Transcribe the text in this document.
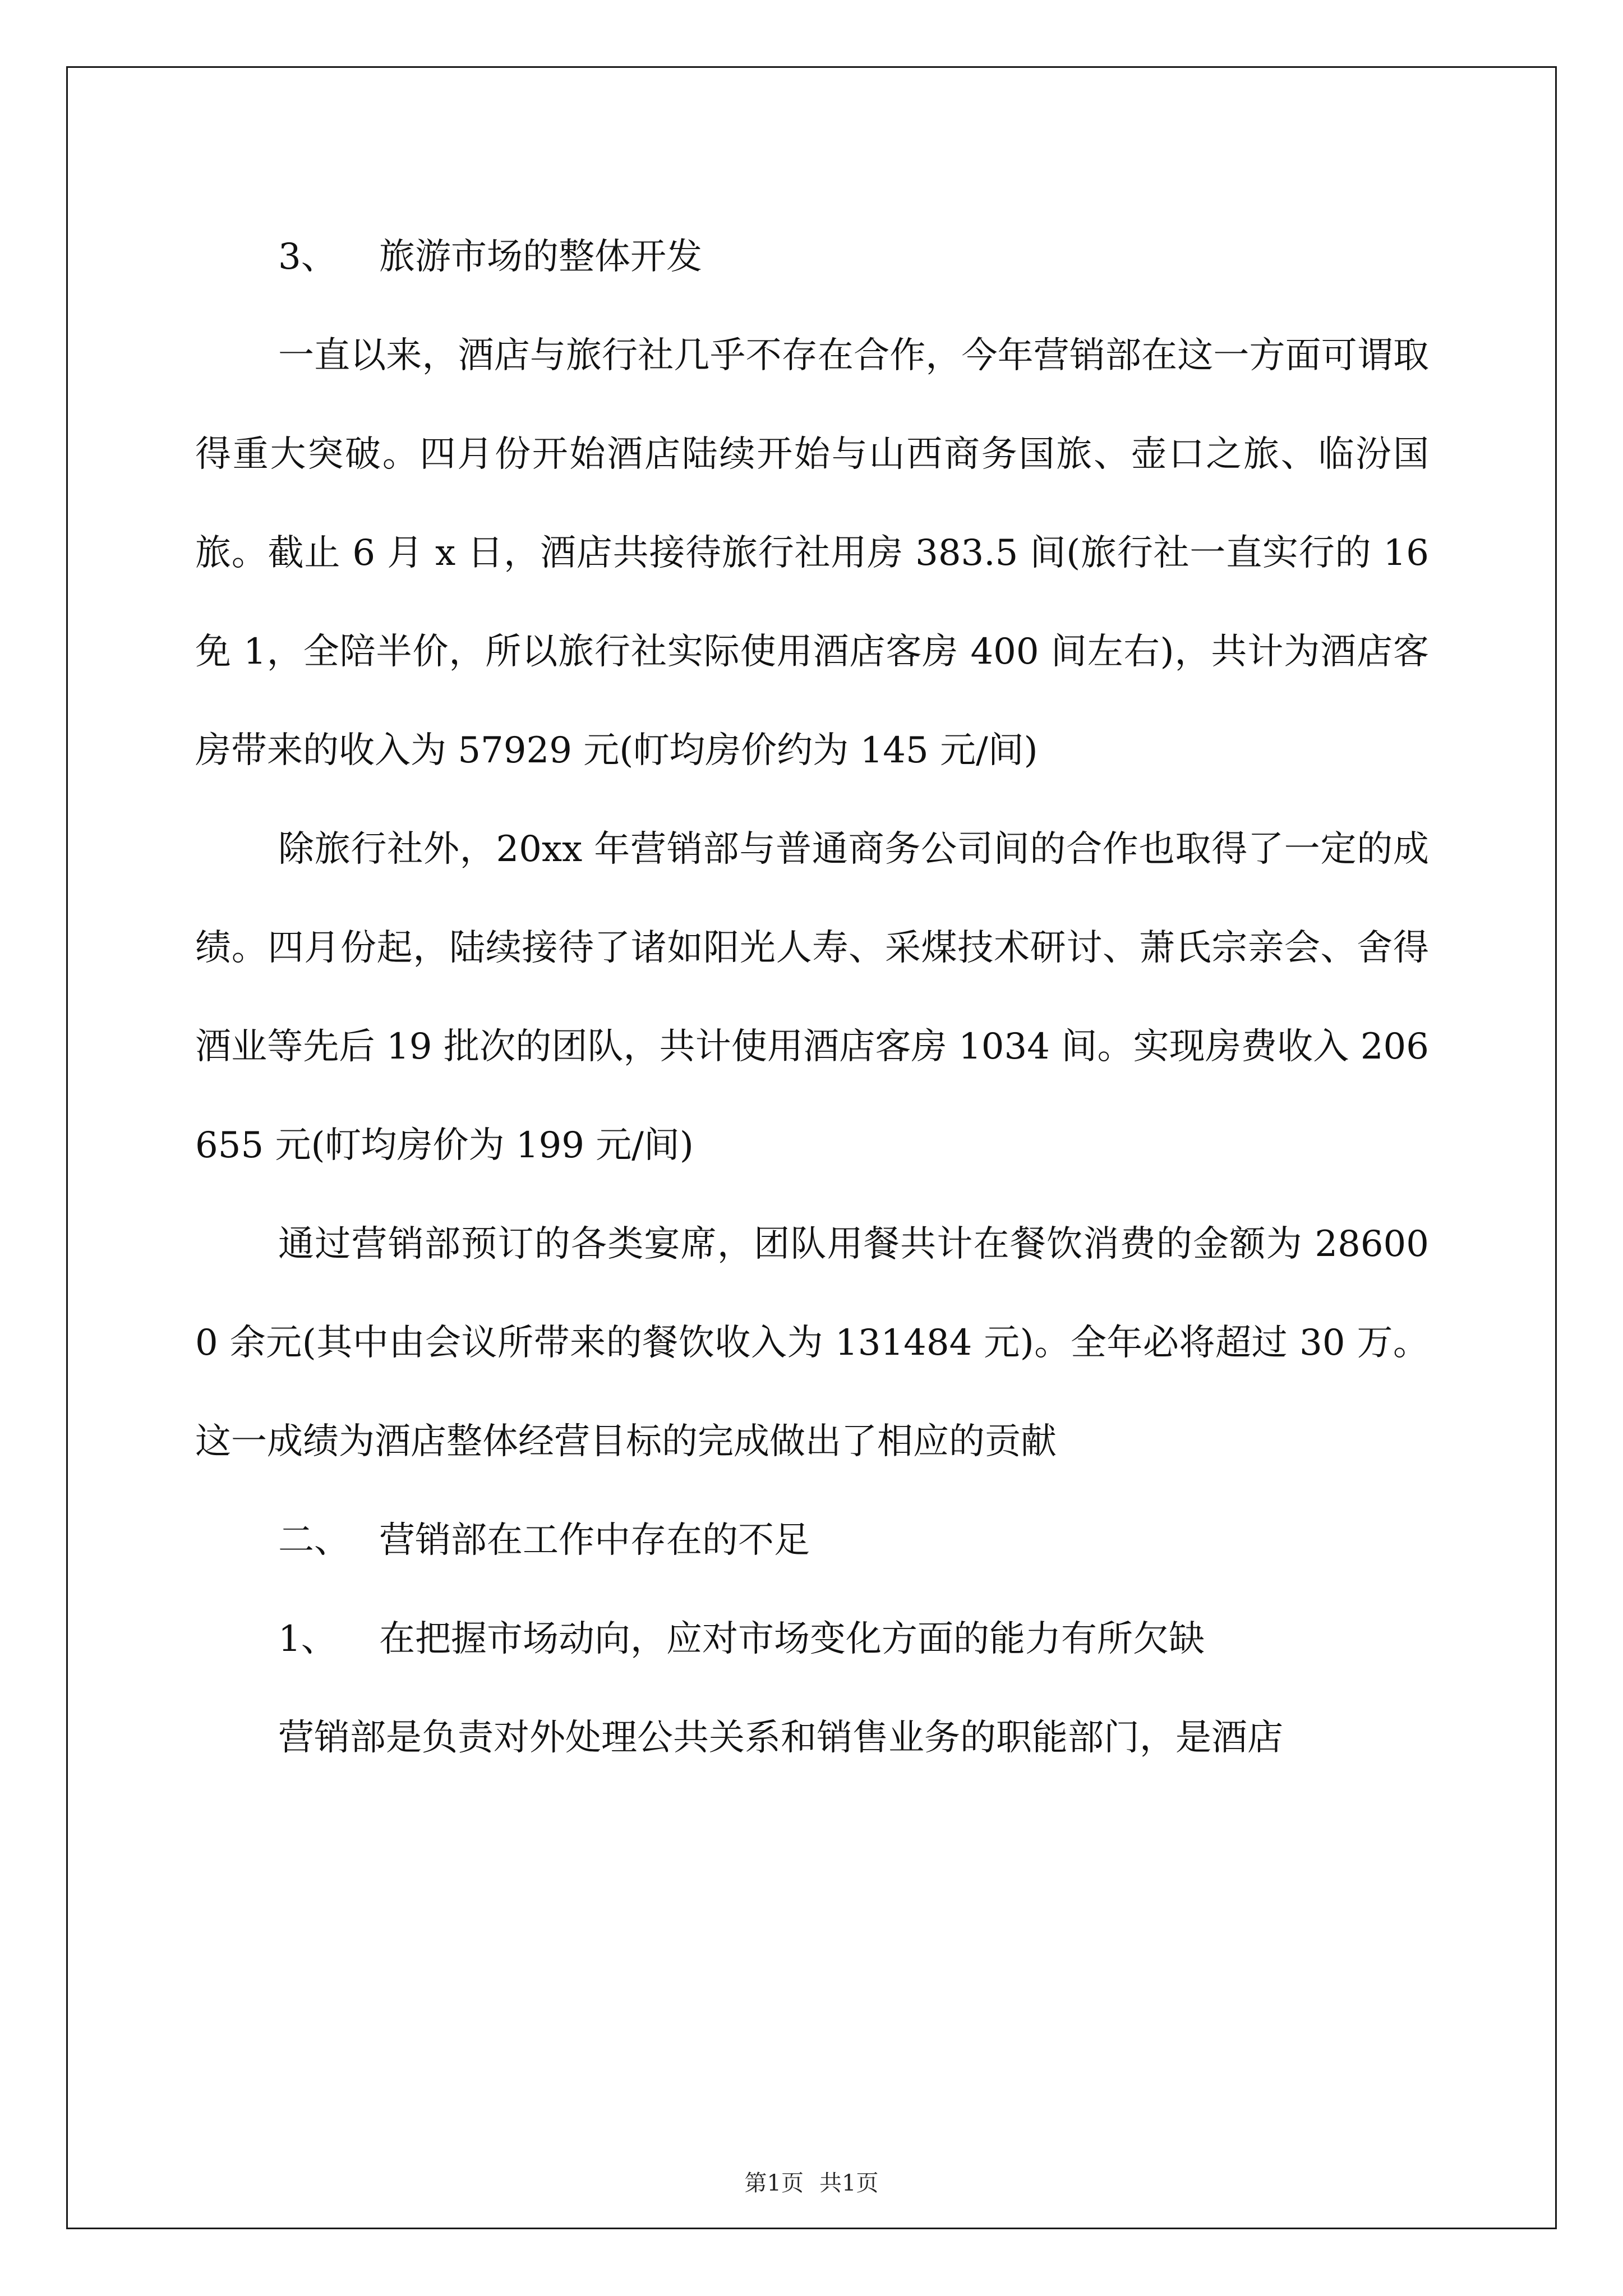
3、 旅游市场的整体开发

一直以来，酒店与旅行社几乎不存在合作，今年营销部在这一方面可谓取得重大突破。四月份开始酒店陆续开始与山西商务国旅、壶口之旅、临汾国旅。截止 6 月 x 日，酒店共接待旅行社用房 383.5 间(旅行社一直实行的 16 免 1，全陪半价，所以旅行社实际使用酒店客房 400 间左右)，共计为酒店客房带来的收入为 57929 元(帄均房价约为 145 元/间)

除旅行社外，20xx 年营销部与普通商务公司间的合作也取得了一定的成绩。四月份起，陆续接待了诸如阳光人寿、采煤技术研讨、萧氏宗亲会、舍得酒业等先后 19 批次的团队，共计使用酒店客房 1034 间。实现房费收入 206655 元(帄均房价为 199 元/间)

通过营销部预订的各类宴席，团队用餐共计在餐饮消费的金额为 286000 余元(其中由会议所带来的餐饮收入为 131484 元)。全年必将超过 30 万。这一成绩为酒店整体经营目标的完成做出了相应的贡献

二、 营销部在工作中存在的不足

1、 在把握市场动向，应对市场变化方面的能力有所欠缺

营销部是负责对外处理公共关系和销售业务的职能部门，是酒店

第1页 共1页
